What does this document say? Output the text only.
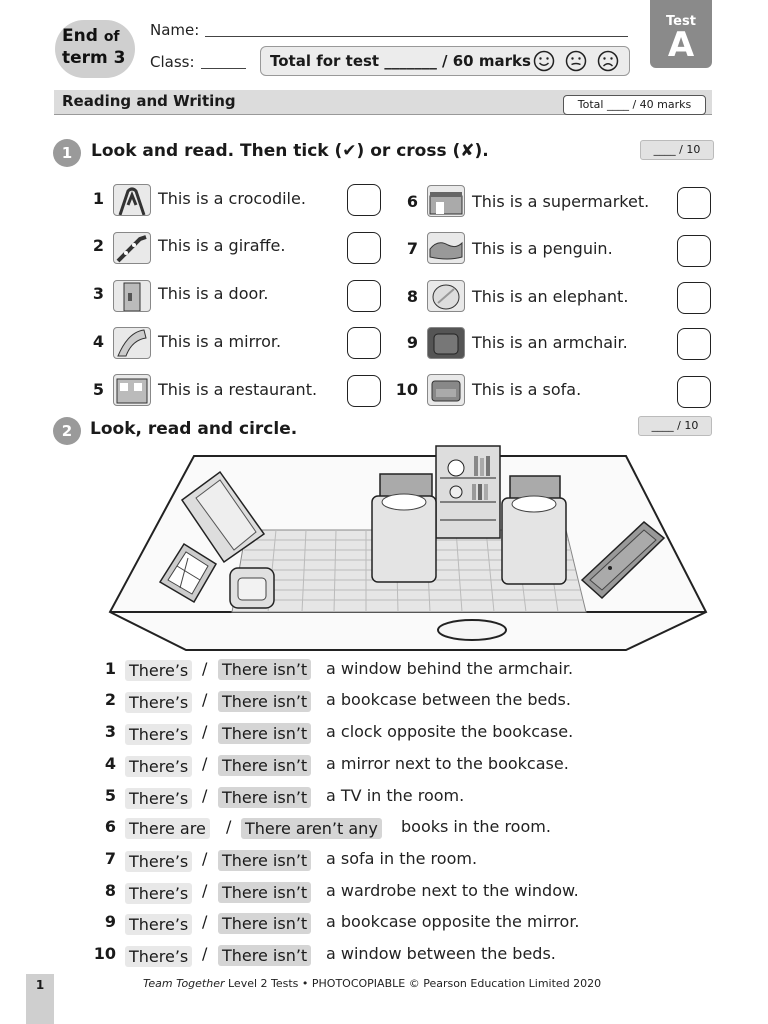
End of
term 3
Name:
Class:	Total for test _______ / 60 marks
Test
A
Reading and Writing	Total ____ / 40 marks
1	Look and read. Then tick (✔) or cross (✘).	____ / 10
1	This is a crocodile.
2	This is a giraffe.
3	This is a door.
4	This is a mirror.
5	This is a restaurant.
6	This is a supermarket.
7	This is a penguin.
8	This is an elephant.
9	This is an armchair.
10	This is a sofa.
2	Look, read and circle.	____ / 10
1 There’s / There isn’t a window behind the armchair.
2 There’s / There isn’t a bookcase between the beds.
3 There’s / There isn’t a clock opposite the bookcase.
4 There’s / There isn’t a mirror next to the bookcase.
5 There’s / There isn’t a TV in the room.
6 There are / There aren’t any books in the room.
7 There’s / There isn’t a sofa in the room.
8 There’s / There isn’t a wardrobe next to the window.
9 There’s / There isn’t a bookcase opposite the mirror.
10 There’s / There isn’t a window between the beds.
1	Team Together Level 2 Tests • PHOTOCOPIABLE © Pearson Education Limited 2020
